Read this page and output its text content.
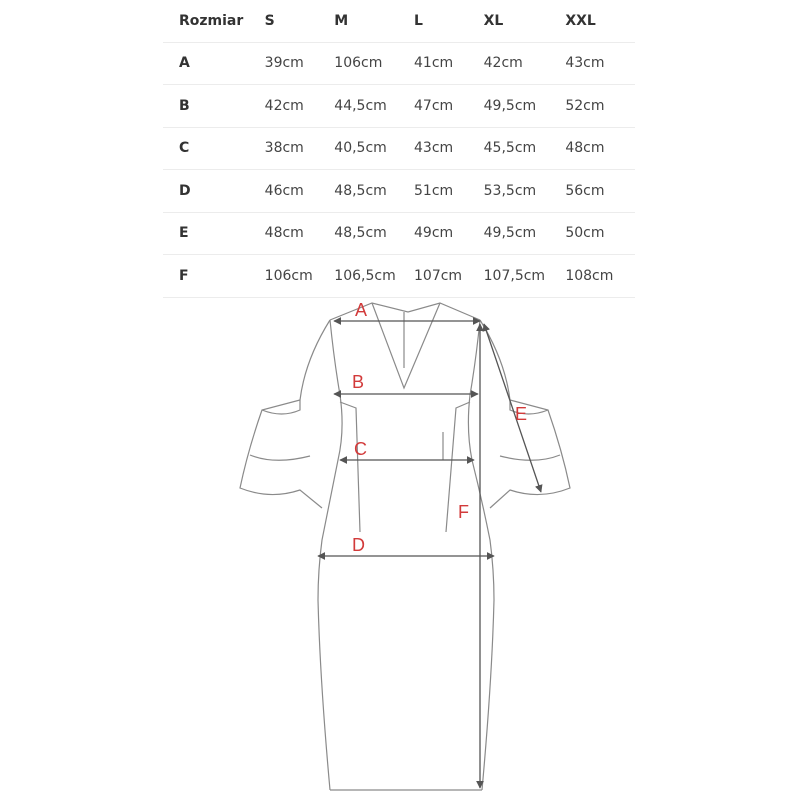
Rozmiar	S	M	L	XL	XXL
A	39cm	106cm	41cm	42cm	43cm
B	42cm	44,5cm	47cm	49,5cm	52cm
C	38cm	40,5cm	43cm	45,5cm	48cm
D	46cm	48,5cm	51cm	53,5cm	56cm
E	48cm	48,5cm	49cm	49,5cm	50cm
F	106cm	106,5cm	107cm	107,5cm	108cm
A
B
C
D
E
F
